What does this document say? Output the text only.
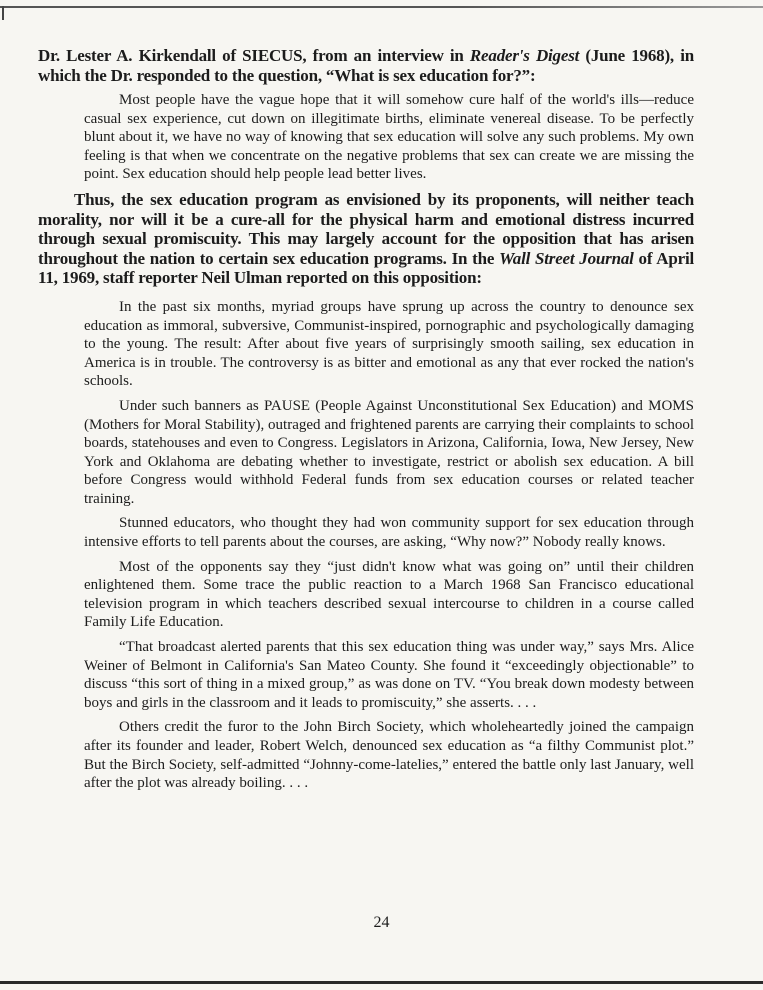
Dr. Lester A. Kirkendall of SIECUS, from an interview in Reader's Digest (June 1968), in which the Dr. responded to the question, “What is sex education for?”:

Most people have the vague hope that it will somehow cure half of the world's ills—reduce casual sex experience, cut down on illegitimate births, eliminate venereal disease. To be perfectly blunt about it, we have no way of knowing that sex education will solve any such problems. My own feeling is that when we concentrate on the negative problems that sex can create we are missing the point. Sex education should help people lead better lives.

Thus, the sex education program as envisioned by its proponents, will neither teach morality, nor will it be a cure-all for the physical harm and emotional distress incurred through sexual promiscuity. This may largely account for the opposition that has arisen throughout the nation to certain sex education programs. In the Wall Street Journal of April 11, 1969, staff reporter Neil Ulman reported on this opposition:

In the past six months, myriad groups have sprung up across the country to denounce sex education as immoral, subversive, Communist-inspired, pornographic and psychologically damaging to the young. The result: After about five years of surprisingly smooth sailing, sex education in America is in trouble. The controversy is as bitter and emotional as any that ever rocked the nation's schools.

Under such banners as PAUSE (People Against Unconstitutional Sex Education) and MOMS (Mothers for Moral Stability), outraged and frightened parents are carrying their complaints to school boards, statehouses and even to Congress. Legislators in Arizona, California, Iowa, New Jersey, New York and Oklahoma are debating whether to investigate, restrict or abolish sex education. A bill before Congress would withhold Federal funds from sex education courses or related teacher training.

Stunned educators, who thought they had won community support for sex education through intensive efforts to tell parents about the courses, are asking, “Why now?” Nobody really knows.

Most of the opponents say they “just didn't know what was going on” until their children enlightened them. Some trace the public reaction to a March 1968 San Francisco educational television program in which teachers described sexual intercourse to children in a course called Family Life Education.

“That broadcast alerted parents that this sex education thing was under way,” says Mrs. Alice Weiner of Belmont in California's San Mateo County. She found it “exceedingly objectionable” to discuss “this sort of thing in a mixed group,” as was done on TV. “You break down modesty between boys and girls in the classroom and it leads to promiscuity,” she asserts. . . .

Others credit the furor to the John Birch Society, which wholeheartedly joined the campaign after its founder and leader, Robert Welch, denounced sex education as “a filthy Communist plot.” But the Birch Society, self-admitted “Johnny-come-latelies,” entered the battle only last January, well after the plot was already boiling. . . .

24
